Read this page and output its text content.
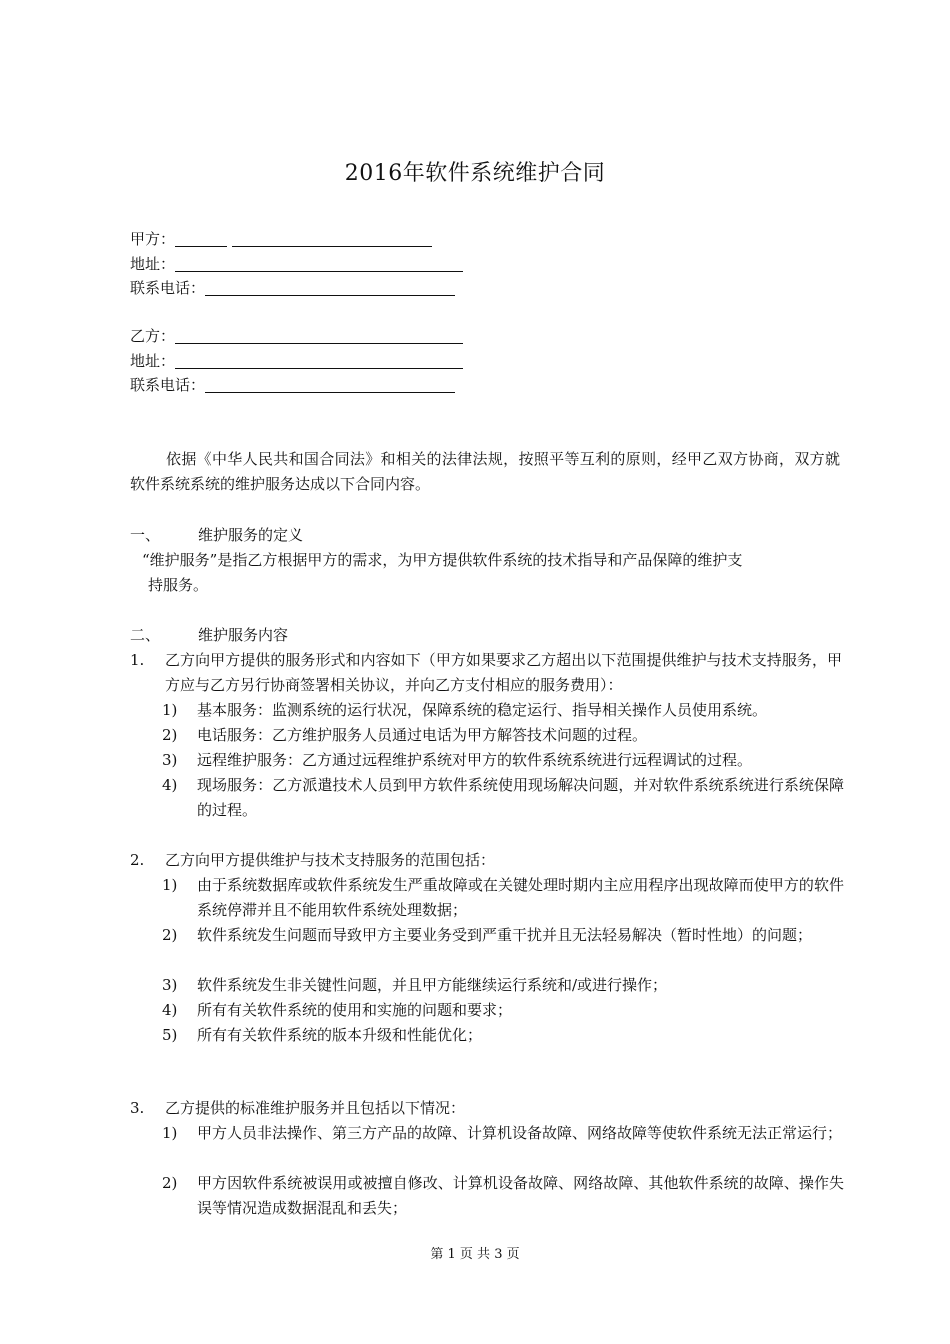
2016年软件系统维护合同
甲方：
地址：
联系电话：
乙方：
地址：
联系电话：
依据《中华人民共和国合同法》和相关的法律法规，按照平等互利的原则，经甲乙双方协商，双方就软件系统系统的维护服务达成以下合同内容。
一、	维护服务的定义
“维护服务”是指乙方根据甲方的需求，为甲方提供软件系统的技术指导和产品保障的维护支
持服务。
二、	维护服务内容
1. 乙方向甲方提供的服务形式和内容如下（甲方如果要求乙方超出以下范围提供维护与技术支持服务，甲方应与乙方另行协商签署相关协议，并向乙方支付相应的服务费用）：
1) 基本服务：监测系统的运行状况，保障系统的稳定运行、指导相关操作人员使用系统。
2) 电话服务：乙方维护服务人员通过电话为甲方解答技术问题的过程。
3) 远程维护服务：乙方通过远程维护系统对甲方的软件系统系统进行远程调试的过程。
4) 现场服务：乙方派遣技术人员到甲方软件系统使用现场解决问题，并对软件系统系统进行系统保障的过程。
2. 乙方向甲方提供维护与技术支持服务的范围包括：
1) 由于系统数据库或软件系统发生严重故障或在关键处理时期内主应用程序出现故障而使甲方的软件系统停滞并且不能用软件系统处理数据；
2) 软件系统发生问题而导致甲方主要业务受到严重干扰并且无法轻易解决（暂时性地）的问题；
3) 软件系统发生非关键性问题，并且甲方能继续运行系统和/或进行操作；
4) 所有有关软件系统的使用和实施的问题和要求；
5) 所有有关软件系统的版本升级和性能优化；
3. 乙方提供的标准维护服务并且包括以下情况：
1) 甲方人员非法操作、第三方产品的故障、计算机设备故障、网络故障等使软件系统无法正常运行；
2) 甲方因软件系统被误用或被擅自修改、计算机设备故障、网络故障、其他软件系统的故障、操作失误等情况造成数据混乱和丢失；
第 1 页 共 3 页
